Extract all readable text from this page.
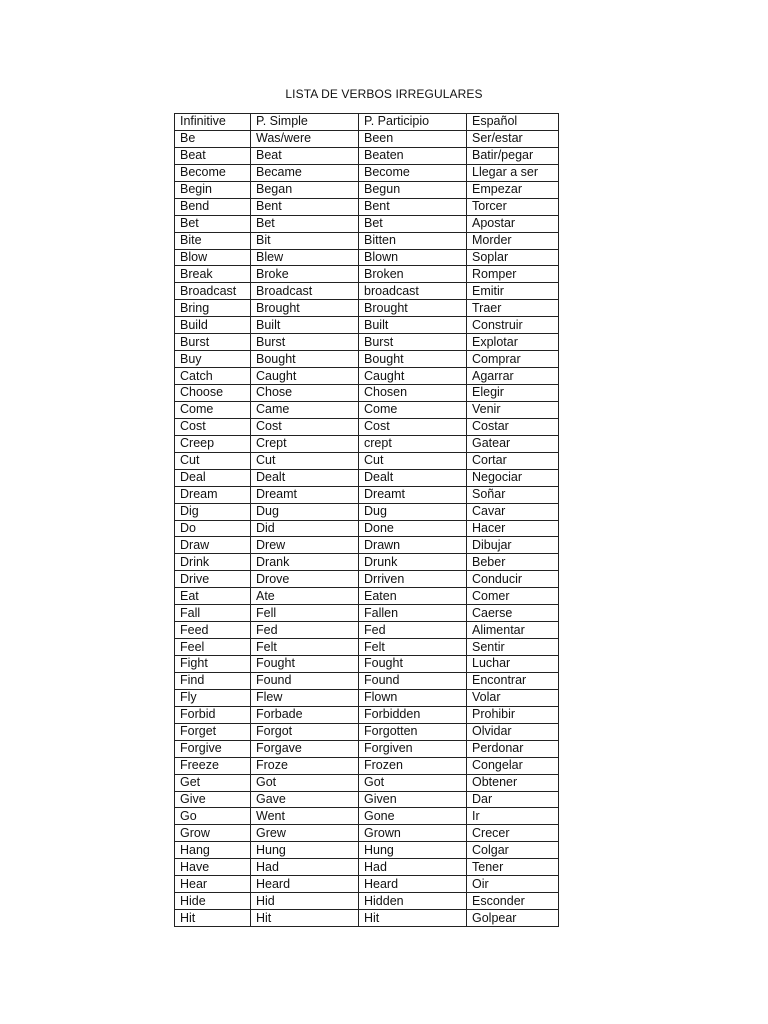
LISTA DE VERBOS IRREGULARES
Infinitive	P. Simple	P. Participio	Español
Be	Was/were	Been	Ser/estar
Beat	Beat	Beaten	Batir/pegar
Become	Became	Become	Llegar a ser
Begin	Began	Begun	Empezar
Bend	Bent	Bent	Torcer
Bet	Bet	Bet	Apostar
Bite	Bit	Bitten	Morder
Blow	Blew	Blown	Soplar
Break	Broke	Broken	Romper
Broadcast	Broadcast	broadcast	Emitir
Bring	Brought	Brought	Traer
Build	Built	Built	Construir
Burst	Burst	Burst	Explotar
Buy	Bought	Bought	Comprar
Catch	Caught	Caught	Agarrar
Choose	Chose	Chosen	Elegir
Come	Came	Come	Venir
Cost	Cost	Cost	Costar
Creep	Crept	crept	Gatear
Cut	Cut	Cut	Cortar
Deal	Dealt	Dealt	Negociar
Dream	Dreamt	Dreamt	Soñar
Dig	Dug	Dug	Cavar
Do	Did	Done	Hacer
Draw	Drew	Drawn	Dibujar
Drink	Drank	Drunk	Beber
Drive	Drove	Drriven	Conducir
Eat	Ate	Eaten	Comer
Fall	Fell	Fallen	Caerse
Feed	Fed	Fed	Alimentar
Feel	Felt	Felt	Sentir
Fight	Fought	Fought	Luchar
Find	Found	Found	Encontrar
Fly	Flew	Flown	Volar
Forbid	Forbade	Forbidden	Prohibir
Forget	Forgot	Forgotten	Olvidar
Forgive	Forgave	Forgiven	Perdonar
Freeze	Froze	Frozen	Congelar
Get	Got	Got	Obtener
Give	Gave	Given	Dar
Go	Went	Gone	Ir
Grow	Grew	Grown	Crecer
Hang	Hung	Hung	Colgar
Have	Had	Had	Tener
Hear	Heard	Heard	Oir
Hide	Hid	Hidden	Esconder
Hit	Hit	Hit	Golpear
